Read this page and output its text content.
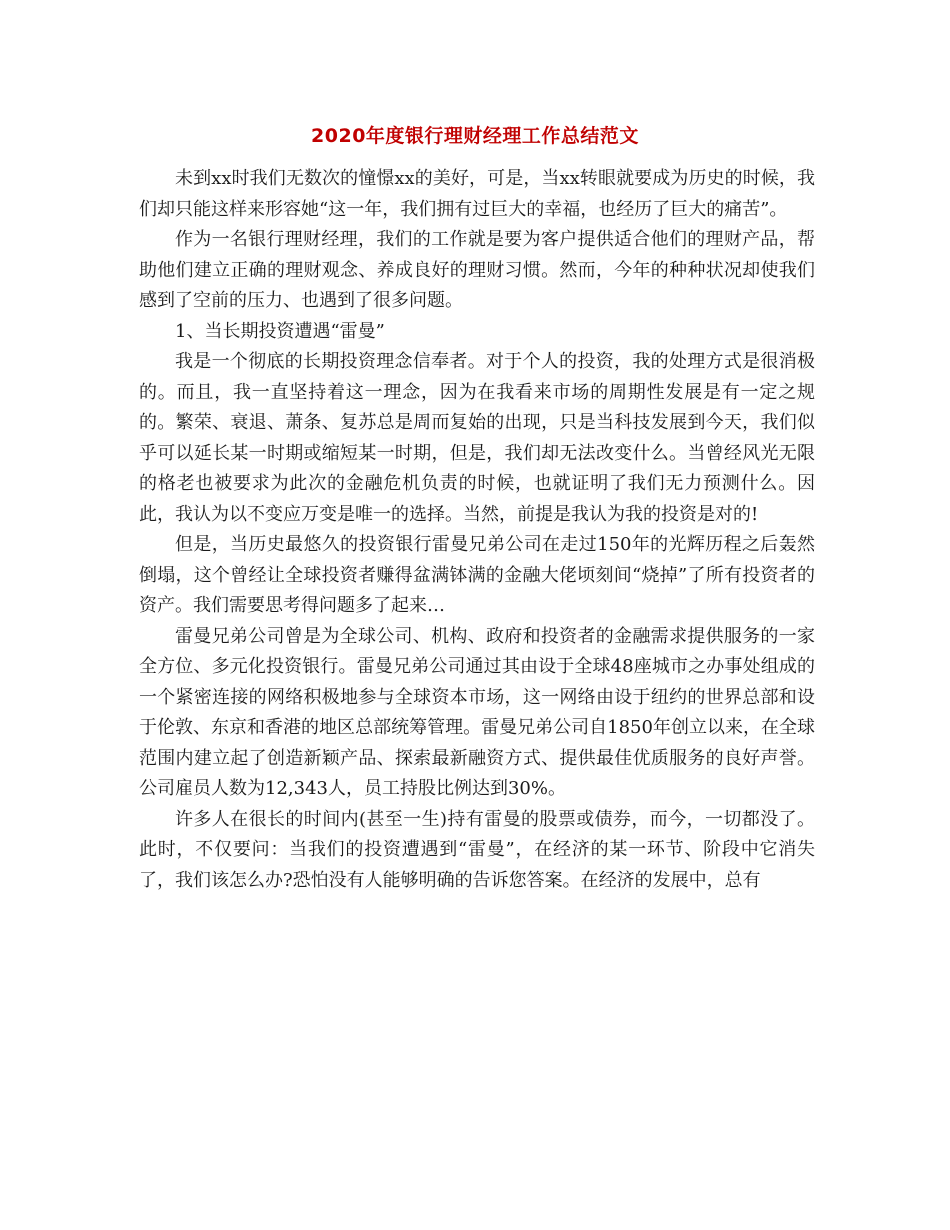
2020年度银行理财经理工作总结范文

未到xx时我们无数次的憧憬xx的美好，可是，当xx转眼就要成为历史的时候，我们却只能这样来形容她“这一年，我们拥有过巨大的幸福，也经历了巨大的痛苦”。

作为一名银行理财经理，我们的工作就是要为客户提供适合他们的理财产品，帮助他们建立正确的理财观念、养成良好的理财习惯。然而，今年的种种状况却使我们感到了空前的压力、也遇到了很多问题。

1、当长期投资遭遇“雷曼”

我是一个彻底的长期投资理念信奉者。对于个人的投资，我的处理方式是很消极的。而且，我一直坚持着这一理念，因为在我看来市场的周期性发展是有一定之规的。繁荣、衰退、萧条、复苏总是周而复始的出现，只是当科技发展到今天，我们似乎可以延长某一时期或缩短某一时期，但是，我们却无法改变什么。当曾经风光无限的格老也被要求为此次的金融危机负责的时候，也就证明了我们无力预测什么。因此，我认为以不变应万变是唯一的选择。当然，前提是我认为我的投资是对的!

但是，当历史最悠久的投资银行雷曼兄弟公司在走过150年的光辉历程之后轰然倒塌，这个曾经让全球投资者赚得盆满钵满的金融大佬顷刻间“烧掉”了所有投资者的资产。我们需要思考得问题多了起来…

雷曼兄弟公司曾是为全球公司、机构、政府和投资者的金融需求提供服务的一家全方位、多元化投资银行。雷曼兄弟公司通过其由设于全球48座城市之办事处组成的一个紧密连接的网络积极地参与全球资本市场，这一网络由设于纽约的世界总部和设于伦敦、东京和香港的地区总部统筹管理。雷曼兄弟公司自1850年创立以来，在全球范围内建立起了创造新颖产品、探索最新融资方式、提供最佳优质服务的良好声誉。公司雇员人数为12,343人，员工持股比例达到30%。

许多人在很长的时间内(甚至一生)持有雷曼的股票或债券，而今，一切都没了。此时，不仅要问：当我们的投资遭遇到“雷曼”，在经济的某一环节、阶段中它消失了，我们该怎么办?恐怕没有人能够明确的告诉您答案。在经济的发展中，总有
